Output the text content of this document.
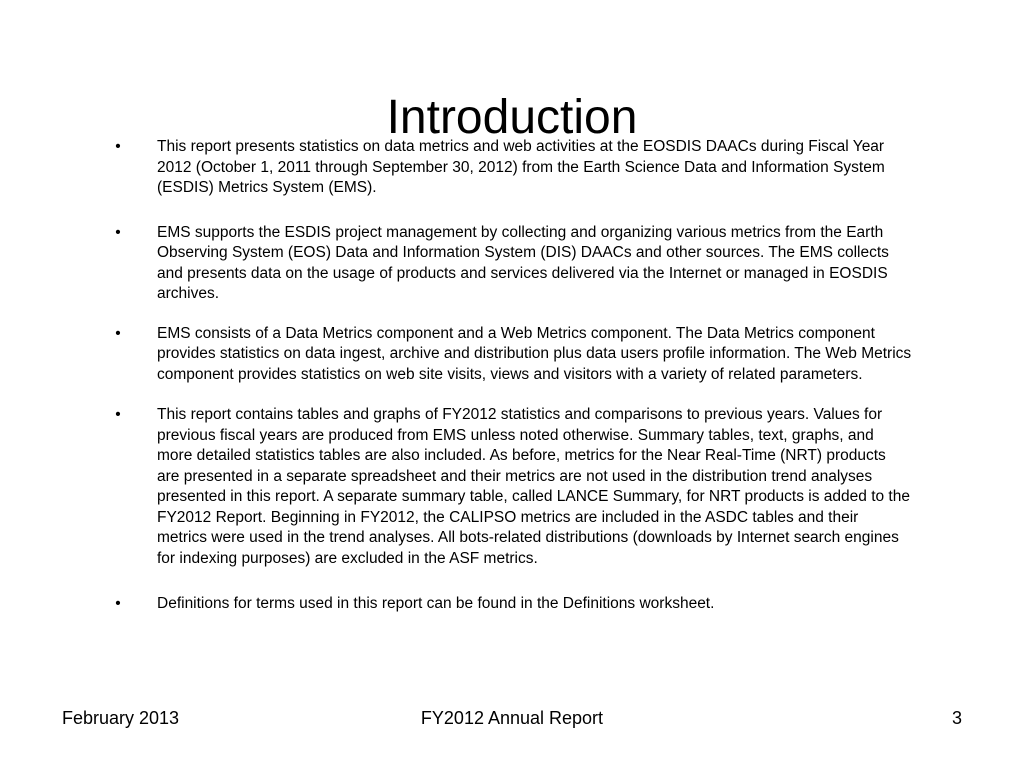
Introduction
• This report presents statistics on data metrics and web activities at the EOSDIS DAACs during Fiscal Year 2012 (October 1, 2011 through September 30, 2012) from the Earth Science Data and Information System (ESDIS) Metrics System (EMS).
• EMS supports the ESDIS project management by collecting and organizing various metrics from the Earth Observing System (EOS) Data and Information System (DIS) DAACs and other sources. The EMS collects and presents data on the usage of products and services delivered via the Internet or managed in EOSDIS archives.
• EMS consists of a Data Metrics component and a Web Metrics component. The Data Metrics component provides statistics on data ingest, archive and distribution plus data users profile information. The Web Metrics component provides statistics on web site visits, views and visitors with a variety of related parameters.
• This report contains tables and graphs of FY2012 statistics and comparisons to previous years. Values for previous fiscal years are produced from EMS unless noted otherwise. Summary tables, text, graphs, and more detailed statistics tables are also included. As before, metrics for the Near Real-Time (NRT) products are presented in a separate spreadsheet and their metrics are not used in the distribution trend analyses presented in this report. A separate summary table, called LANCE Summary, for NRT products is added to the FY2012 Report. Beginning in FY2012, the CALIPSO metrics are included in the ASDC tables and their metrics were used in the trend analyses. All bots-related distributions (downloads by Internet search engines for indexing purposes) are excluded in the ASF metrics.
• Definitions for terms used in this report can be found in the Definitions worksheet.
February 2013	FY2012 Annual Report	3
